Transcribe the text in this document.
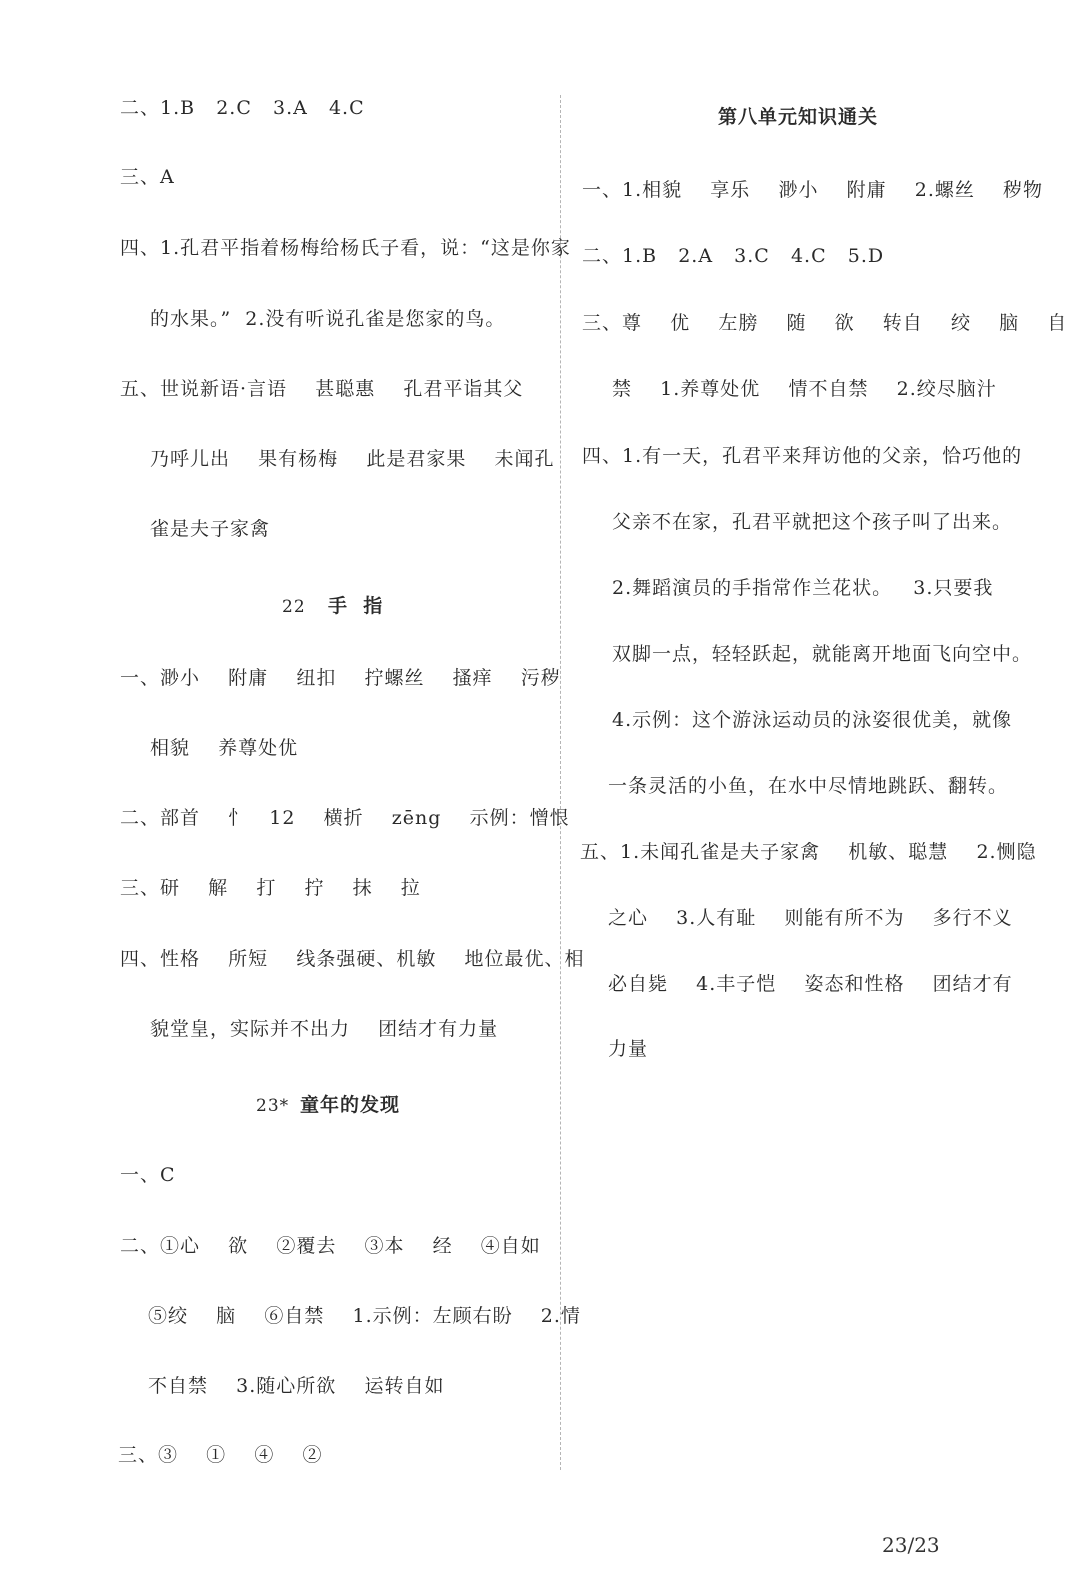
二、1.B   2.C   3.A   4.C
三、A
四、1.孔君平指着杨梅给杨氏子看，说：“这是你家
的水果。”  2.没有听说孔雀是您家的鸟。
五、世说新语·言语    甚聪惠    孔君平诣其父
乃呼儿出    果有杨梅    此是君家果    未闻孔
雀是夫子家禽
22 手  指
一、渺小    附庸    纽扣    拧螺丝    搔痒    污秽
相貌    养尊处优
二、部首    忄   12    横折    zēng    示例：憎恨
三、研    解    打    拧    抹    拉
四、性格    所短    线条强硬、机敏    地位最优、相
貌堂皇，实际并不出力    团结才有力量
23* 童年的发现
一、C
二、①心    欲    ②覆去    ③本    经    ④自如
⑤绞    脑    ⑥自禁    1.示例：左顾右盼    2.情
不自禁    3.随心所欲    运转自如
三、③    ①    ④    ②
第八单元知识通关
一、1.相貌    享乐    渺小    附庸    2.螺丝    秽物
二、1.B   2.A   3.C   4.C   5.D
三、尊    优    左膀    随    欲    转自    绞    脑    自
禁    1.养尊处优    情不自禁    2.绞尽脑汁
四、1.有一天，孔君平来拜访他的父亲，恰巧他的
父亲不在家，孔君平就把这个孩子叫了出来。
2.舞蹈演员的手指常作兰花状。   3.只要我
双脚一点，轻轻跃起，就能离开地面飞向空中。
4.示例：这个游泳运动员的泳姿很优美，就像
一条灵活的小鱼，在水中尽情地跳跃、翻转。
五、1.未闻孔雀是夫子家禽    机敏、聪慧    2.恻隐
之心    3.人有耻    则能有所不为    多行不义
必自毙    4.丰子恺    姿态和性格    团结才有
力量
23/23
